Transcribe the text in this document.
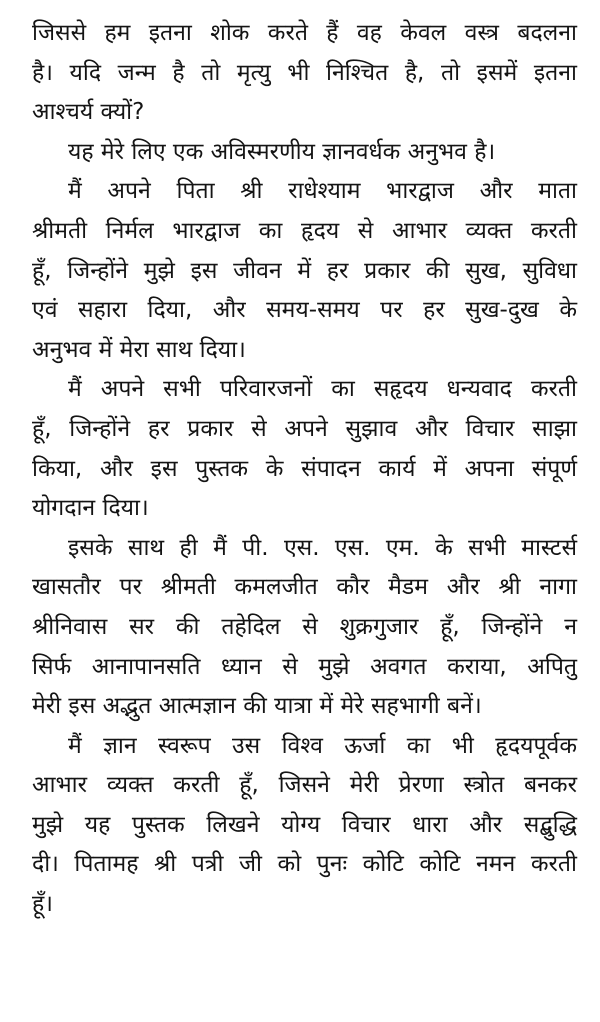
जिससे हम इतना शोक करते हैं वह केवल वस्त्र बदलना
है। यदि जन्म है तो मृत्यु भी निश्चित है, तो इसमें इतना
आश्चर्य क्यों?
यह मेरे लिए एक अविस्मरणीय ज्ञानवर्धक अनुभव है।
मैं अपने पिता श्री राधेश्याम भारद्वाज और माता
श्रीमती निर्मल भारद्वाज का हृदय से आभार व्यक्त करती
हूँ, जिन्होंने मुझे इस जीवन में हर प्रकार की सुख, सुविधा
एवं सहारा दिया, और समय-समय पर हर सुख-दुख के
अनुभव में मेरा साथ दिया।
मैं अपने सभी परिवारजनों का सहृदय धन्यवाद करती
हूँ, जिन्होंने हर प्रकार से अपने सुझाव और विचार साझा
किया, और इस पुस्तक के संपादन कार्य में अपना संपूर्ण
योगदान दिया।
इसके साथ ही मैं पी. एस. एस. एम. के सभी मास्टर्स
खासतौर पर श्रीमती कमलजीत कौर मैडम और श्री नागा
श्रीनिवास सर की तहेदिल से शुक्रगुजार हूँ, जिन्होंने न
सिर्फ आनापानसति ध्यान से मुझे अवगत कराया, अपितु
मेरी इस अद्भुत आत्मज्ञान की यात्रा में मेरे सहभागी बनें।
मैं ज्ञान स्वरूप उस विश्व ऊर्जा का भी हृदयपूर्वक
आभार व्यक्त करती हूँ, जिसने मेरी प्रेरणा स्त्रोत बनकर
मुझे यह पुस्तक लिखने योग्य विचार धारा और सद्बुद्धि
दी। पितामह श्री पत्री जी को पुनः कोटि कोटि नमन करती
हूँ।
